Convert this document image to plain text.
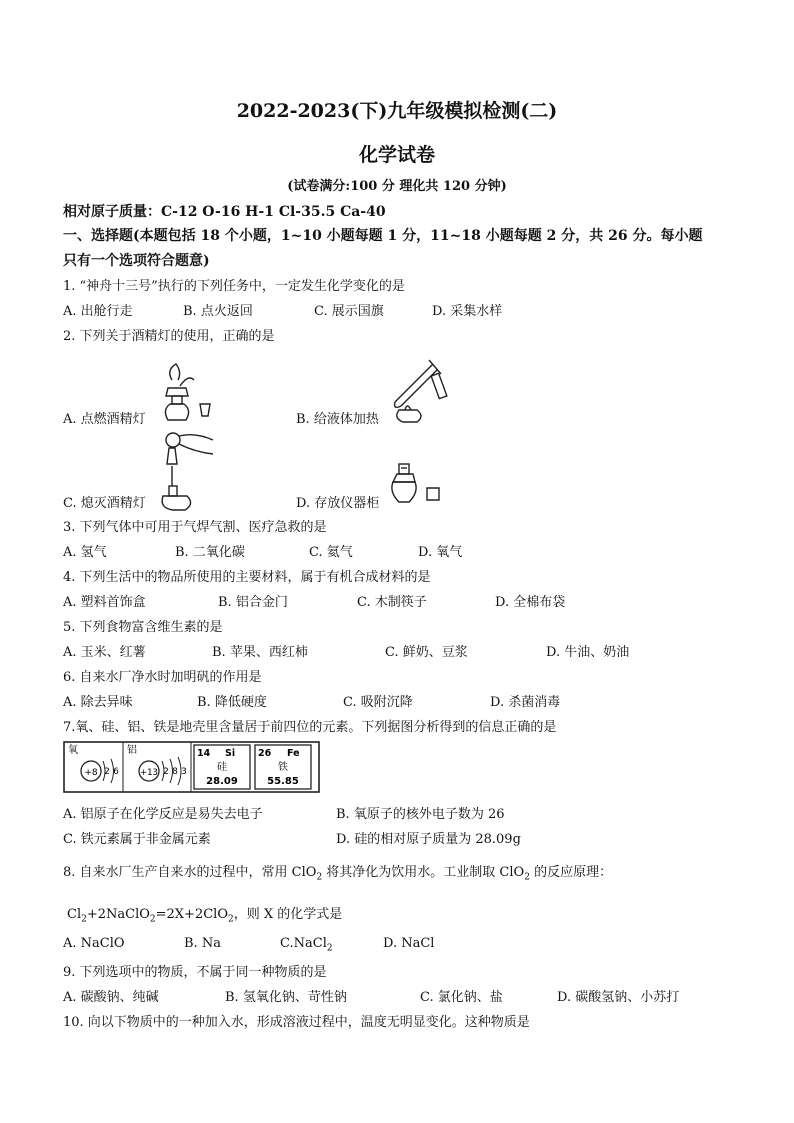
2022-2023(下)九年级模拟检测(二)
化学试卷
(试卷满分:100 分 理化共 120 分钟)
相对原子质量：C-12 O-16 H-1 Cl-35.5 Ca-40
一、选择题(本题包括 18 个小题，1~10 小题每题 1 分，11~18 小题每题 2 分，共 26 分。每小题
只有一个选项符合题意)
1. “神舟十三号”执行的下列任务中，一定发生化学变化的是
A. 出舱行走	B. 点火返回	C. 展示国旗	D. 采集水样
2. 下列关于酒精灯的使用，正确的是
A. 点燃酒精灯	B. 给液体加热
C. 熄灭酒精灯	D. 存放仪器柜
3. 下列气体中可用于气焊气割、医疗急救的是
A. 氢气	B. 二氧化碳	C. 氦气	D. 氧气
4. 下列生活中的物品所使用的主要材料，属于有机合成材料的是
A. 塑料首饰盒	B. 铝合金门	C. 木制筷子	D. 全棉布袋
5. 下列食物富含维生素的是
A. 玉米、红薯	B. 苹果、西红柿	C. 鲜奶、豆浆	D. 牛油、奶油
6. 自来水厂净水时加明矾的作用是
A. 除去异味	B. 降低硬度	C. 吸附沉降	D. 杀菌消毒
7.氧、硅、铝、铁是地壳里含量居于前四位的元素。下列据图分析得到的信息正确的是
氧
+8 2 6
铝
+13 2 8 3
14 Si
硅
28.09
26 Fe
铁
55.85
A. 铝原子在化学反应是易失去电子	B. 氧原子的核外电子数为 26
C. 铁元素属于非金属元素	D. 硅的相对原子质量为 28.09g
8. 自来水厂生产自来水的过程中，常用 ClO$_2$ 将其净化为饮用水。工业制取 ClO$_2$ 的反应原理：
$Cl_2+2NaClO_2=2X+2ClO_2$，则 X 的化学式是
A. NaClO	B. Na	C.NaCl$_2$	D. NaCl
9. 下列选项中的物质，不属于同一种物质的是
A. 碳酸钠、纯碱	B. 氢氧化钠、苛性钠	C. 氯化钠、盐	D. 碳酸氢钠、小苏打
10. 向以下物质中的一种加入水，形成溶液过程中，温度无明显变化。这种物质是
